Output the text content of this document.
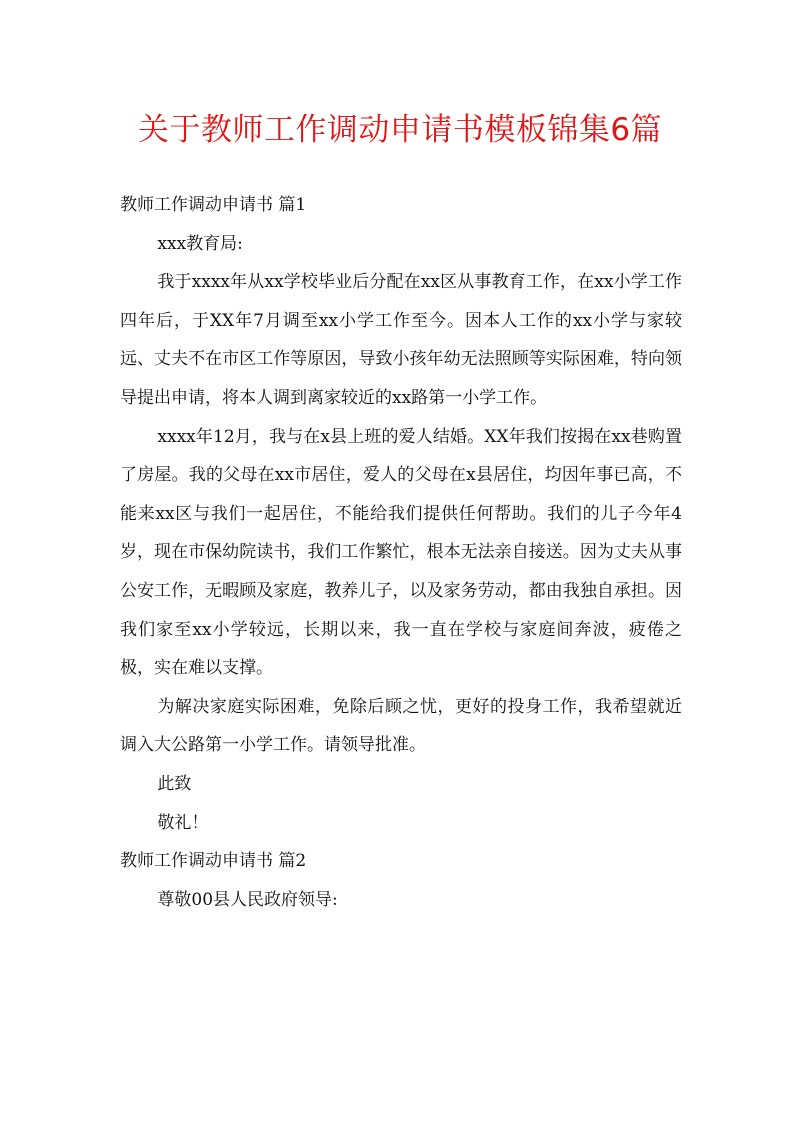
关于教师工作调动申请书模板锦集6篇

教师工作调动申请书 篇1

xxx教育局:

我于xxxx年从xx学校毕业后分配在xx区从事教育工作，在xx小学工作四年后，于XX年7月调至xx小学工作至今。因本人工作的xx小学与家较远、丈夫不在市区工作等原因，导致小孩年幼无法照顾等实际困难，特向领导提出申请，将本人调到离家较近的xx路第一小学工作。

xxxx年12月，我与在x县上班的爱人结婚。XX年我们按揭在xx巷购置了房屋。我的父母在xx市居住，爱人的父母在x县居住，均因年事已高，不能来xx区与我们一起居住，不能给我们提供任何帮助。我们的儿子今年4岁，现在市保幼院读书，我们工作繁忙，根本无法亲自接送。因为丈夫从事公安工作，无暇顾及家庭，教养儿子，以及家务劳动，都由我独自承担。因我们家至xx小学较远，长期以来，我一直在学校与家庭间奔波，疲倦之极，实在难以支撑。

为解决家庭实际困难，免除后顾之忧，更好的投身工作，我希望就近调入大公路第一小学工作。请领导批准。

此致

敬礼！

教师工作调动申请书 篇2

尊敬00县人民政府领导:
